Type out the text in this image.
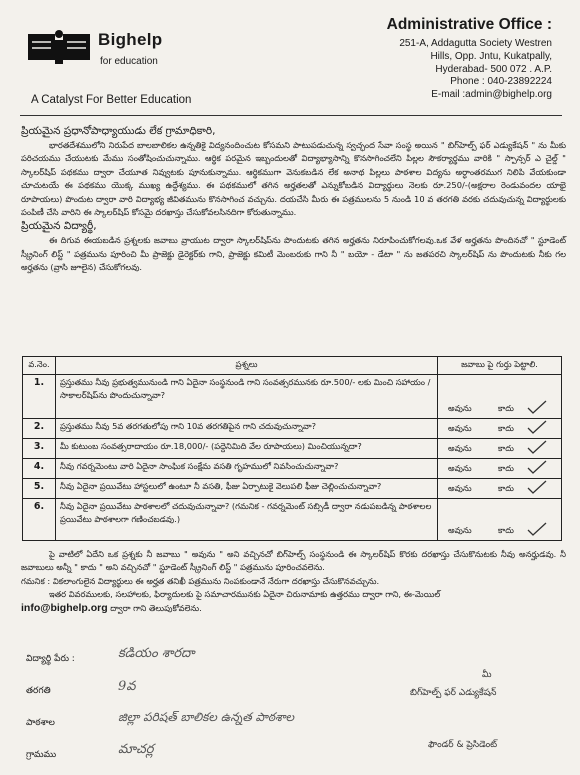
Bighelp
for education
A Catalyst For Better Education
Administrative Office :
251-A, Addagutta Society Westren
Hills, Opp. Jntu, Kukatpally,
Hyderabad- 500 072 . A.P.
Phone : 040-23892224
E-mail :admin@bighelp.org

ప్రియమైన ప్రధానోపాధ్యాయుడు లేక గ్రామాధికారి,

భారతదేశములోని నిరుపేద బాలబాలికల ఉన్నతికై విద్యనందించుట కోసమని పాటుపడుచున్న స్వచ్ఛంద సేవా సంస్థ అయిన " బిగ్‌హెల్ప్ ఫర్ ఎడ్యుకేషన్ " ను మీకు పరిచయము చేయుటకు మేము సంతోషించుచున్నాము. ఆర్థిక పరమైన ఇబ్బందులతో విద్యాభ్యాసాన్ని కొనసాగించలేని పిల్లల సౌకర్యార్థము వారికి " స్పాన్సర్ ఎ చైల్డ్ " స్కాలర్‌షిప్ పథకము ద్వారా చేయూత నివ్వుటకు పూనుకున్నాము. ఆర్థికముగా వెనుకబడిన లేక అనాథ పిల్లలు పాఠశాల విద్యను అర్ధాంతరముగ నిలిపి వేయకుండా చూచుటయే ఈ పథకము యొక్క ముఖ్య ఉద్దేశ్యము. ఈ పథకములో తగిన అర్హతలతో ఎన్నుకోబడిన విద్యార్థులు నెలకు రూ.250/-(అక్షరాల రెండువందల యాభై రూపాయలు) పొందుట ద్వారా వారి విద్యాభ్య జీవితమును కొనసాగించ వచ్చును. దయచేసి మీరు ఈ పత్రములను 5 నుండి 10 వ తరగతి వరకు చదువుచున్న విద్యార్థులకు పంపిణీ చేసి వారిని ఈ స్కాలర్‌షిప్ కోసమై దరఖాస్తు చేసుకోవలసినదిగా కోరుతున్నాము.

ప్రియమైన విద్యార్థీ,

ఈ దిగువ ఈయబడిన ప్రశ్నలకు జవాబు వ్రాయుట ద్వారా స్కాలర్‌షిప్‌ను పొందుటకు తగిన అర్హతను నిరూపించుకోగలవు.ఒక వేళ అర్హతను పొందినచో " స్టూడెంట్ స్క్రీనింగ్ లిస్ట్ " పత్రమును పూరించి మీ ప్రాజెక్టు డైరెక్టర్‌కు గాని, ప్రాజెక్టు కమిటీ మెంబరుకు గాని నీ " బయో - డేటా " ను జతపరచి స్కాలర్‌షిప్ ను పొందుటకు నీకు గల అర్హతను (వ్రాసి జూలైన) చేసుకోగలవు.

వ.నెం.	ప్రశ్నలు	జవాబు పై గుర్తు పెట్టాలి.
1.	ప్రస్తుతము నీవు ప్రభుత్వమునుండి గాని ఏదైనా సంస్థనుండి గాని సంవత్సరమునకు రూ.500/- లకు మించి సహాయం / సాకాలర్‌షిప్‌ను పొందుచున్నావా?	అవును కాదు

2.	ప్రస్తుతము నీవు 5వ తరగతులోపు గాని 10వ తరగతిపైన గాని చదువుచున్నావా?	అవును కాదు

3.	మీ కుటుంబ సంవత్సరాదాయం రూ.18,000/- (పద్దెనిమిది వేల రూపాయలు) మించియున్నదా?	అవును కాదు

4.	నీవు గవర్నమెంటు వారి ఏదైనా సాంఘిక సంక్షేమ వసతి గృహములో నివసించుచున్నావా?	అవును కాదు

5.	నీవు ఏదైనా ప్రయివేటు హాస్టలులో ఉంటూ నీ వసతి, ఫీజు ఏర్పాటుకై వెలుపలి ఫీజు చెల్లించుచున్నావా?	అవును కాదు

6.	నీవు ఏదైనా ప్రయివేటు పాఠశాలలో చదువుచున్నావా? (గమనిక - గవర్నమెంట్ సబ్సిడీ ద్వారా నడుపబడిన్న పాఠశాలల ప్రయివేటు పాఠశాలగా గణించబడవు.)	అవును కాదు

పై వాటిలో ఏదేని ఒక ప్రశ్నకు నీ జవాబు " అవును " అని వచ్చినచో బిగ్‌హెల్ప్ సంస్థనుండి ఈ స్కాలర్‌షిప్ కొరకు దరఖాస్తు చేసుకొనుటకు నీవు అనర్హుడవు. నీ జవాబులు అన్నీ " కాదు " అని వచ్చినచో " స్టూడెంట్ స్క్రీనింగ్ లిస్ట్ " పత్రమును పూరించవలెను.

గమనిక : వికలాంగులైన విద్యార్థులు ఈ అర్హత తనిఖీ పత్రమును నింపకుండానే నేరుగా దరఖాస్తు చేసుకొనవచ్చును.

ఇతర వివరములకు, సలహాలకు, ఫిర్యాదులకు పై సమాచారమునకు ఏదైనా చిరునామాకు ఉత్తరము ద్వారా గాని, ఈ-మెయిల్

info@bighelp.org ద్వారా గాని తెలుపుకోవలెను.

విద్యార్థి పేరు :	కడియం శారదా
తరగతి	9వ
పాఠశాల	జిల్లా పరిషత్ బాలికల ఉన్నత పాఠశాల
గ్రామము	మాచర్ల
మీ
బిగ్‌హెల్ప్ ఫర్ ఎడ్యుకేషన్
ఫౌండర్ & ప్రెసిడెంట్
